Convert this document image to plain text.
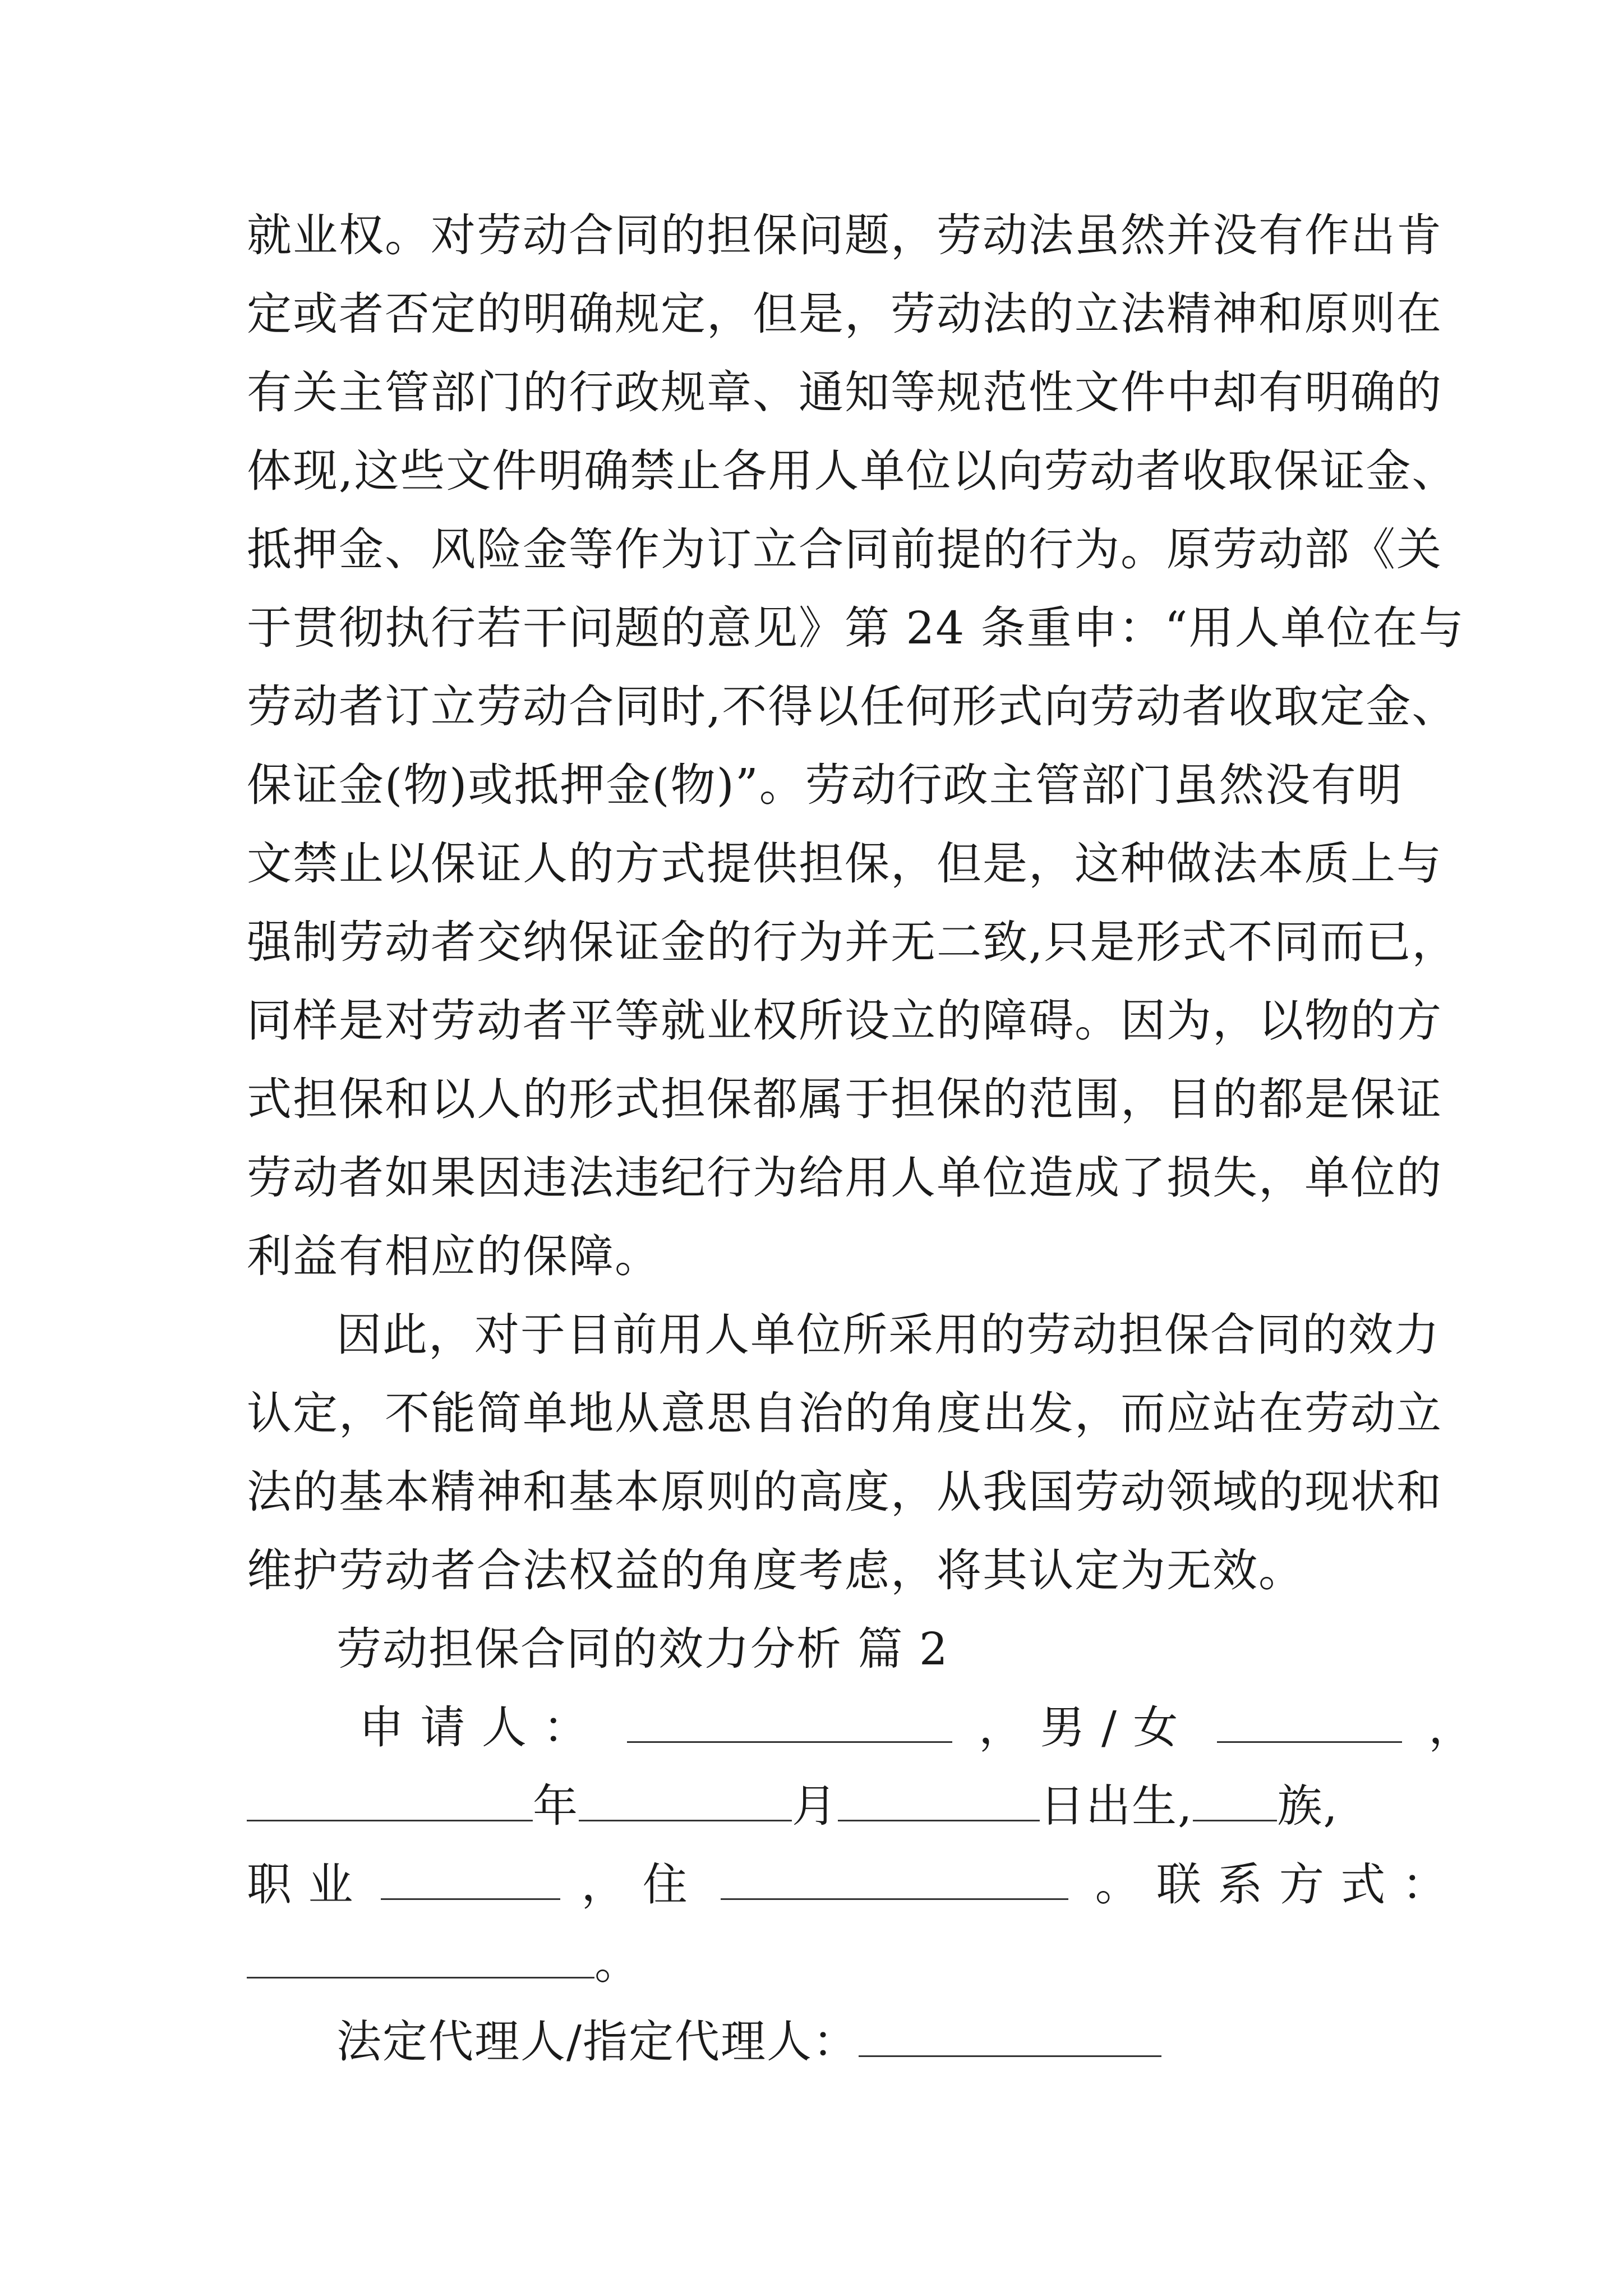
就业权。对劳动合同的担保问题，劳动法虽然并没有作出肯
定或者否定的明确规定，但是，劳动法的立法精神和原则在
有关主管部门的行政规章、通知等规范性文件中却有明确的
体现,这些文件明确禁止各用人单位以向劳动者收取保证金、
抵押金、风险金等作为订立合同前提的行为。原劳动部《关
于贯彻执行若干问题的意见》第 24 条重申：“用人单位在与
劳动者订立劳动合同时,不得以任何形式向劳动者收取定金、
保证金(物)或抵押金(物)”。劳动行政主管部门虽然没有明
文禁止以保证人的方式提供担保，但是，这种做法本质上与
强制劳动者交纳保证金的行为并无二致,只是形式不同而已，
同样是对劳动者平等就业权所设立的障碍。因为，以物的方
式担保和以人的形式担保都属于担保的范围，目的都是保证
劳动者如果因违法违纪行为给用人单位造成了损失，单位的
利益有相应的保障。
因此，对于目前用人单位所采用的劳动担保合同的效力
认定，不能简单地从意思自治的角度出发，而应站在劳动立
法的基本精神和基本原则的高度，从我国劳动领域的现状和
维护劳动者合法权益的角度考虑，将其认定为无效。
劳动担保合同的效力分析 篇 2
申 请 人 ：	， 男 / 女	，
年	月	日出生, 族,
职 业	， 住	。 联 系 方 式 ：
。
法定代理人/指定代理人：
